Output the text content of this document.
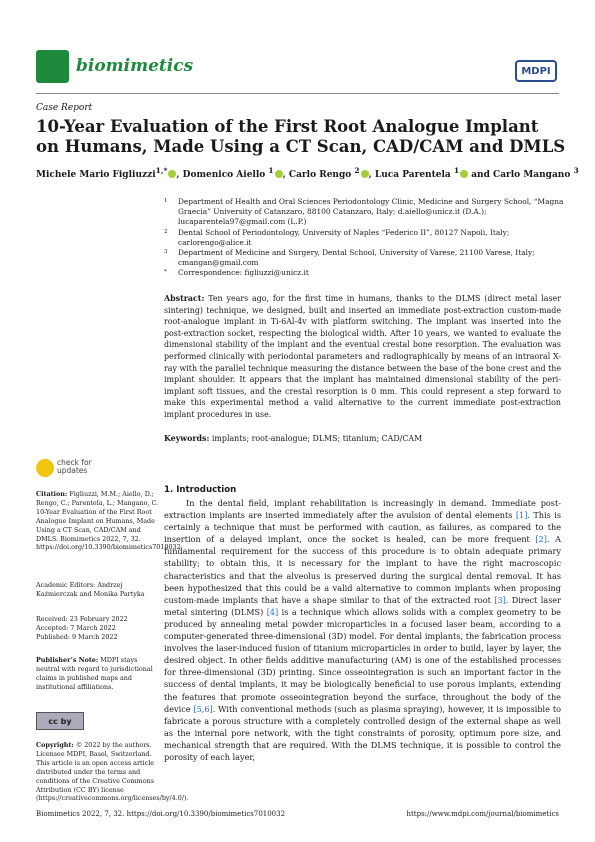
biomimetics	MDPI
Case Report
10-Year Evaluation of the First Root Analogue Implant on Humans, Made Using a CT Scan, CAD/CAM and DMLS
Michele Mario Figliuzzi$^{1,*}$ , Domenico Aiello $^1$ , Carlo Rengo $^2$ , Luca Parentela $^1$ and Carlo Mangano $^3$
1 Department of Health and Oral Sciences Periodontology Clinic, Medicine and Surgery School, “Magna Graecia” University of Catanzaro, 88100 Catanzaro, Italy; d.aiello@unicz.it (D.A.); lucaparentela97@gmail.com (L.P.)
2 Dental School of Periodontology, University of Naples “Federico II”, 80127 Napoli, Italy; carlorengo@alice.it
3 Department of Medicine and Surgery, Dental School, University of Varese, 21100 Varese, Italy; cmangan@gmail.com
* Correspondence: figliuzzi@unicz.it
Abstract: Ten years ago, for the first time in humans, thanks to the DLMS (direct metal laser sintering) technique, we designed, built and inserted an immediate post-extraction custom-made root-analogue implant in Ti-6Al-4v with platform switching. The implant was inserted into the post-extraction socket, respecting the biological width. After 10 years, we wanted to evaluate the dimensional stability of the implant and the eventual crestal bone resorption. The evaluation was performed clinically with periodontal parameters and radiographically by means of an intraoral X-ray with the parallel technique measuring the distance between the base of the bone crest and the implant shoulder. It appears that the implant has maintained dimensional stability of the peri-implant soft tissues, and the crestal resorption is 0 mm. This could represent a step forward to make this experimental method a valid alternative to the current immediate post-extraction implant procedures in use.
Keywords: implants; root-analogue; DLMS; titanium; CAD/CAM
check for updates
Citation: Figliuzzi, M.M.; Aiello, D.; Rengo, C.; Parentela, L.; Mangano, C. 10-Year Evaluation of the First Root Analogue Implant on Humans, Made Using a CT Scan, CAD/CAM and DMLS. Biomimetics 2022, 7, 32. https://doi.org/10.3390/biomimetics7010032
Academic Editors: Andrzej Kaźmierczak and Monika Partyka
Received: 23 February 2022
Accepted: 7 March 2022
Published: 9 March 2022
Publisher’s Note: MDPI stays neutral with regard to jurisdictional claims in published maps and institutional affiliations.
cc by
Copyright: © 2022 by the authors. Licensee MDPI, Basel, Switzerland. This article is an open access article distributed under the terms and conditions of the Creative Commons Attribution (CC BY) license (https://creativecommons.org/licenses/by/4.0/).
1. Introduction
In the dental field, implant rehabilitation is increasingly in demand. Immediate post-extraction implants are inserted immediately after the avulsion of dental elements [1]. This is certainly a technique that must be performed with caution, as failures, as compared to the insertion of a delayed implant, once the socket is healed, can be more frequent [2]. A fundamental requirement for the success of this procedure is to obtain adequate primary stability; to obtain this, it is necessary for the implant to have the right macroscopic characteristics and that the alveolus is preserved during the surgical dental removal. It has been hypothesized that this could be a valid alternative to common implants when proposing custom-made implants that have a shape similar to that of the extracted root [3]. Direct laser metal sintering (DLMS) [4] is a technique which allows solids with a complex geometry to be produced by annealing metal powder microparticles in a focused laser beam, according to a computer-generated three-dimensional (3D) model. For dental implants, the fabrication process involves the laser-induced fusion of titanium microparticles in order to build, layer by layer, the desired object. In other fields additive manufacturing (AM) is one of the established processes for three-dimensional (3D) printing. Since osseointegration is such an important factor in the success of dental implants, it may be biologically beneficial to use porous implants, extending the features that promote osseointegration beyond the surface, throughout the body of the device [5,6]. With conventional methods (such as plasma spraying), however, it is impossible to fabricate a porous structure with a completely controlled design of the external shape as well as the internal pore network, with the tight constraints of porosity, optimum pore size, and mechanical strength that are required. With the DLMS technique, it is possible to control the porosity of each layer,
Biomimetics 2022, 7, 32. https://doi.org/10.3390/biomimetics7010032	https://www.mdpi.com/journal/biomimetics
